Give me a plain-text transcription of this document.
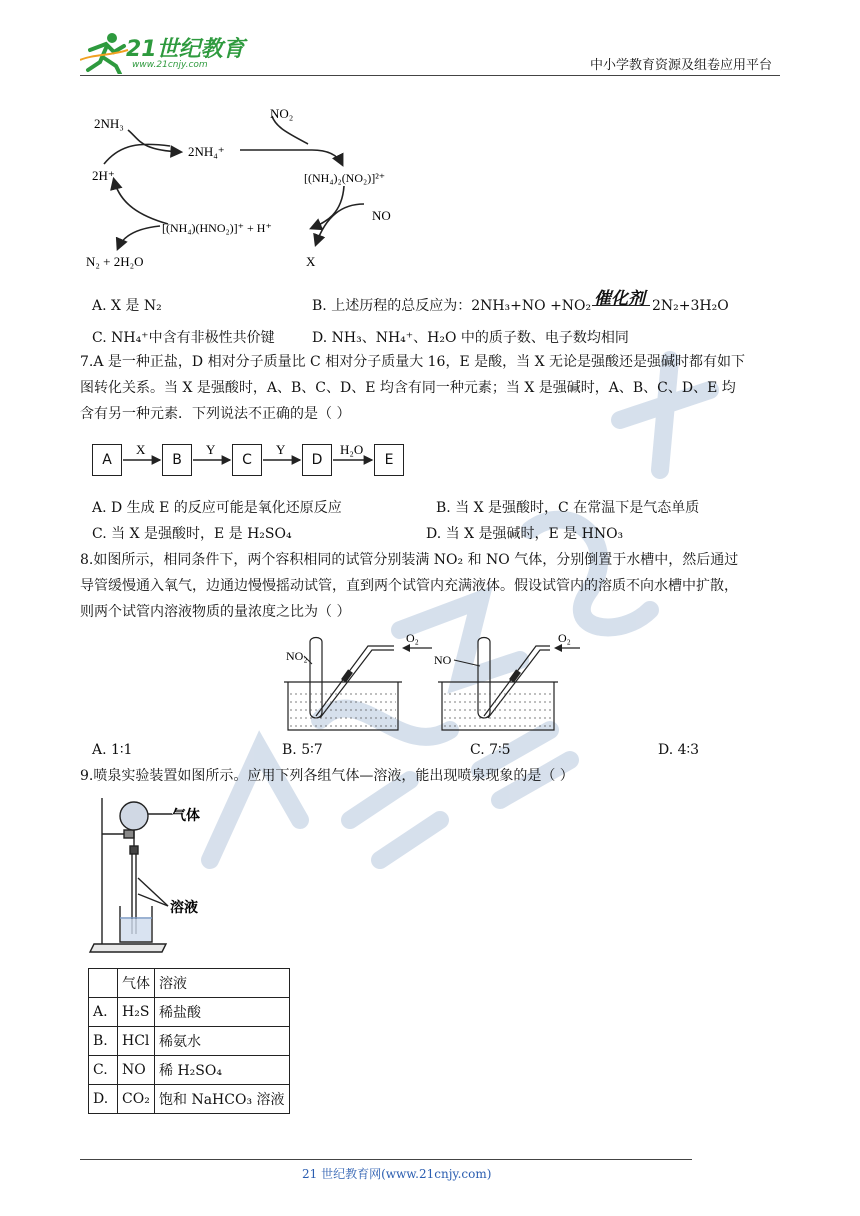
21世纪教育
www.21cnjy.com	中小学教育资源及组卷应用平台
2NH₃
2NH₄⁺
NO₂
[(NH₄)₂(NO₂)]²⁺
2H⁺
NO
[(NH₄)(HNO₂)]⁺ + H⁺
X
N₂ + 2H₂O
A. X 是 N₂	B. 上述历程的总反应为：2NH₃+NO +NO₂ 催化剂 2N₂+3H₂O
C. NH₄⁺中含有非极性共价键	D. NH₃、NH₄⁺、H₂O 中的质子数、电子数均相同
7.A 是一种正盐，D 相对分子质量比 C 相对分子质量大 16，E 是酸，当 X 无论是强酸还是强碱时都有如下
图转化关系。当 X 是强酸时，A、B、C、D、E 均含有同一种元素；当 X 是强碱时，A、B、C、D、E 均
含有另一种元素．下列说法不正确的是（ ）
A	B	C	D	E
X	Y	Y	H₂O
A. D 生成 E 的反应可能是氧化还原反应	B. 当 X 是强酸时，C 在常温下是气态单质
C. 当 X 是强酸时，E 是 H₂SO₄	D. 当 X 是强碱时，E 是 HNO₃
8.如图所示，相同条件下，两个容积相同的试管分别装满 NO₂ 和 NO 气体，分别倒置于水槽中，然后通过
导管缓慢通入氧气，边通边慢慢摇动试管，直到两个试管内充满液体。假设试管内的溶质不向水槽中扩散，
则两个试管内溶液物质的量浓度之比为（ ）
NO₂	NO
O₂	O₂
A. 1∶1	B. 5∶7	C. 7∶5	D. 4∶3
9.喷泉实验装置如图所示。应用下列各组气体—溶液，能出现喷泉现象的是（ ）
气体
溶液
	气体	溶液
A.	H₂S	稀盐酸
B.	HCl	稀氨水
C.	NO	稀 H₂SO₄
D.	CO₂	饱和 NaHCO₃ 溶液
21 世纪教育网(www.21cnjy.com)
